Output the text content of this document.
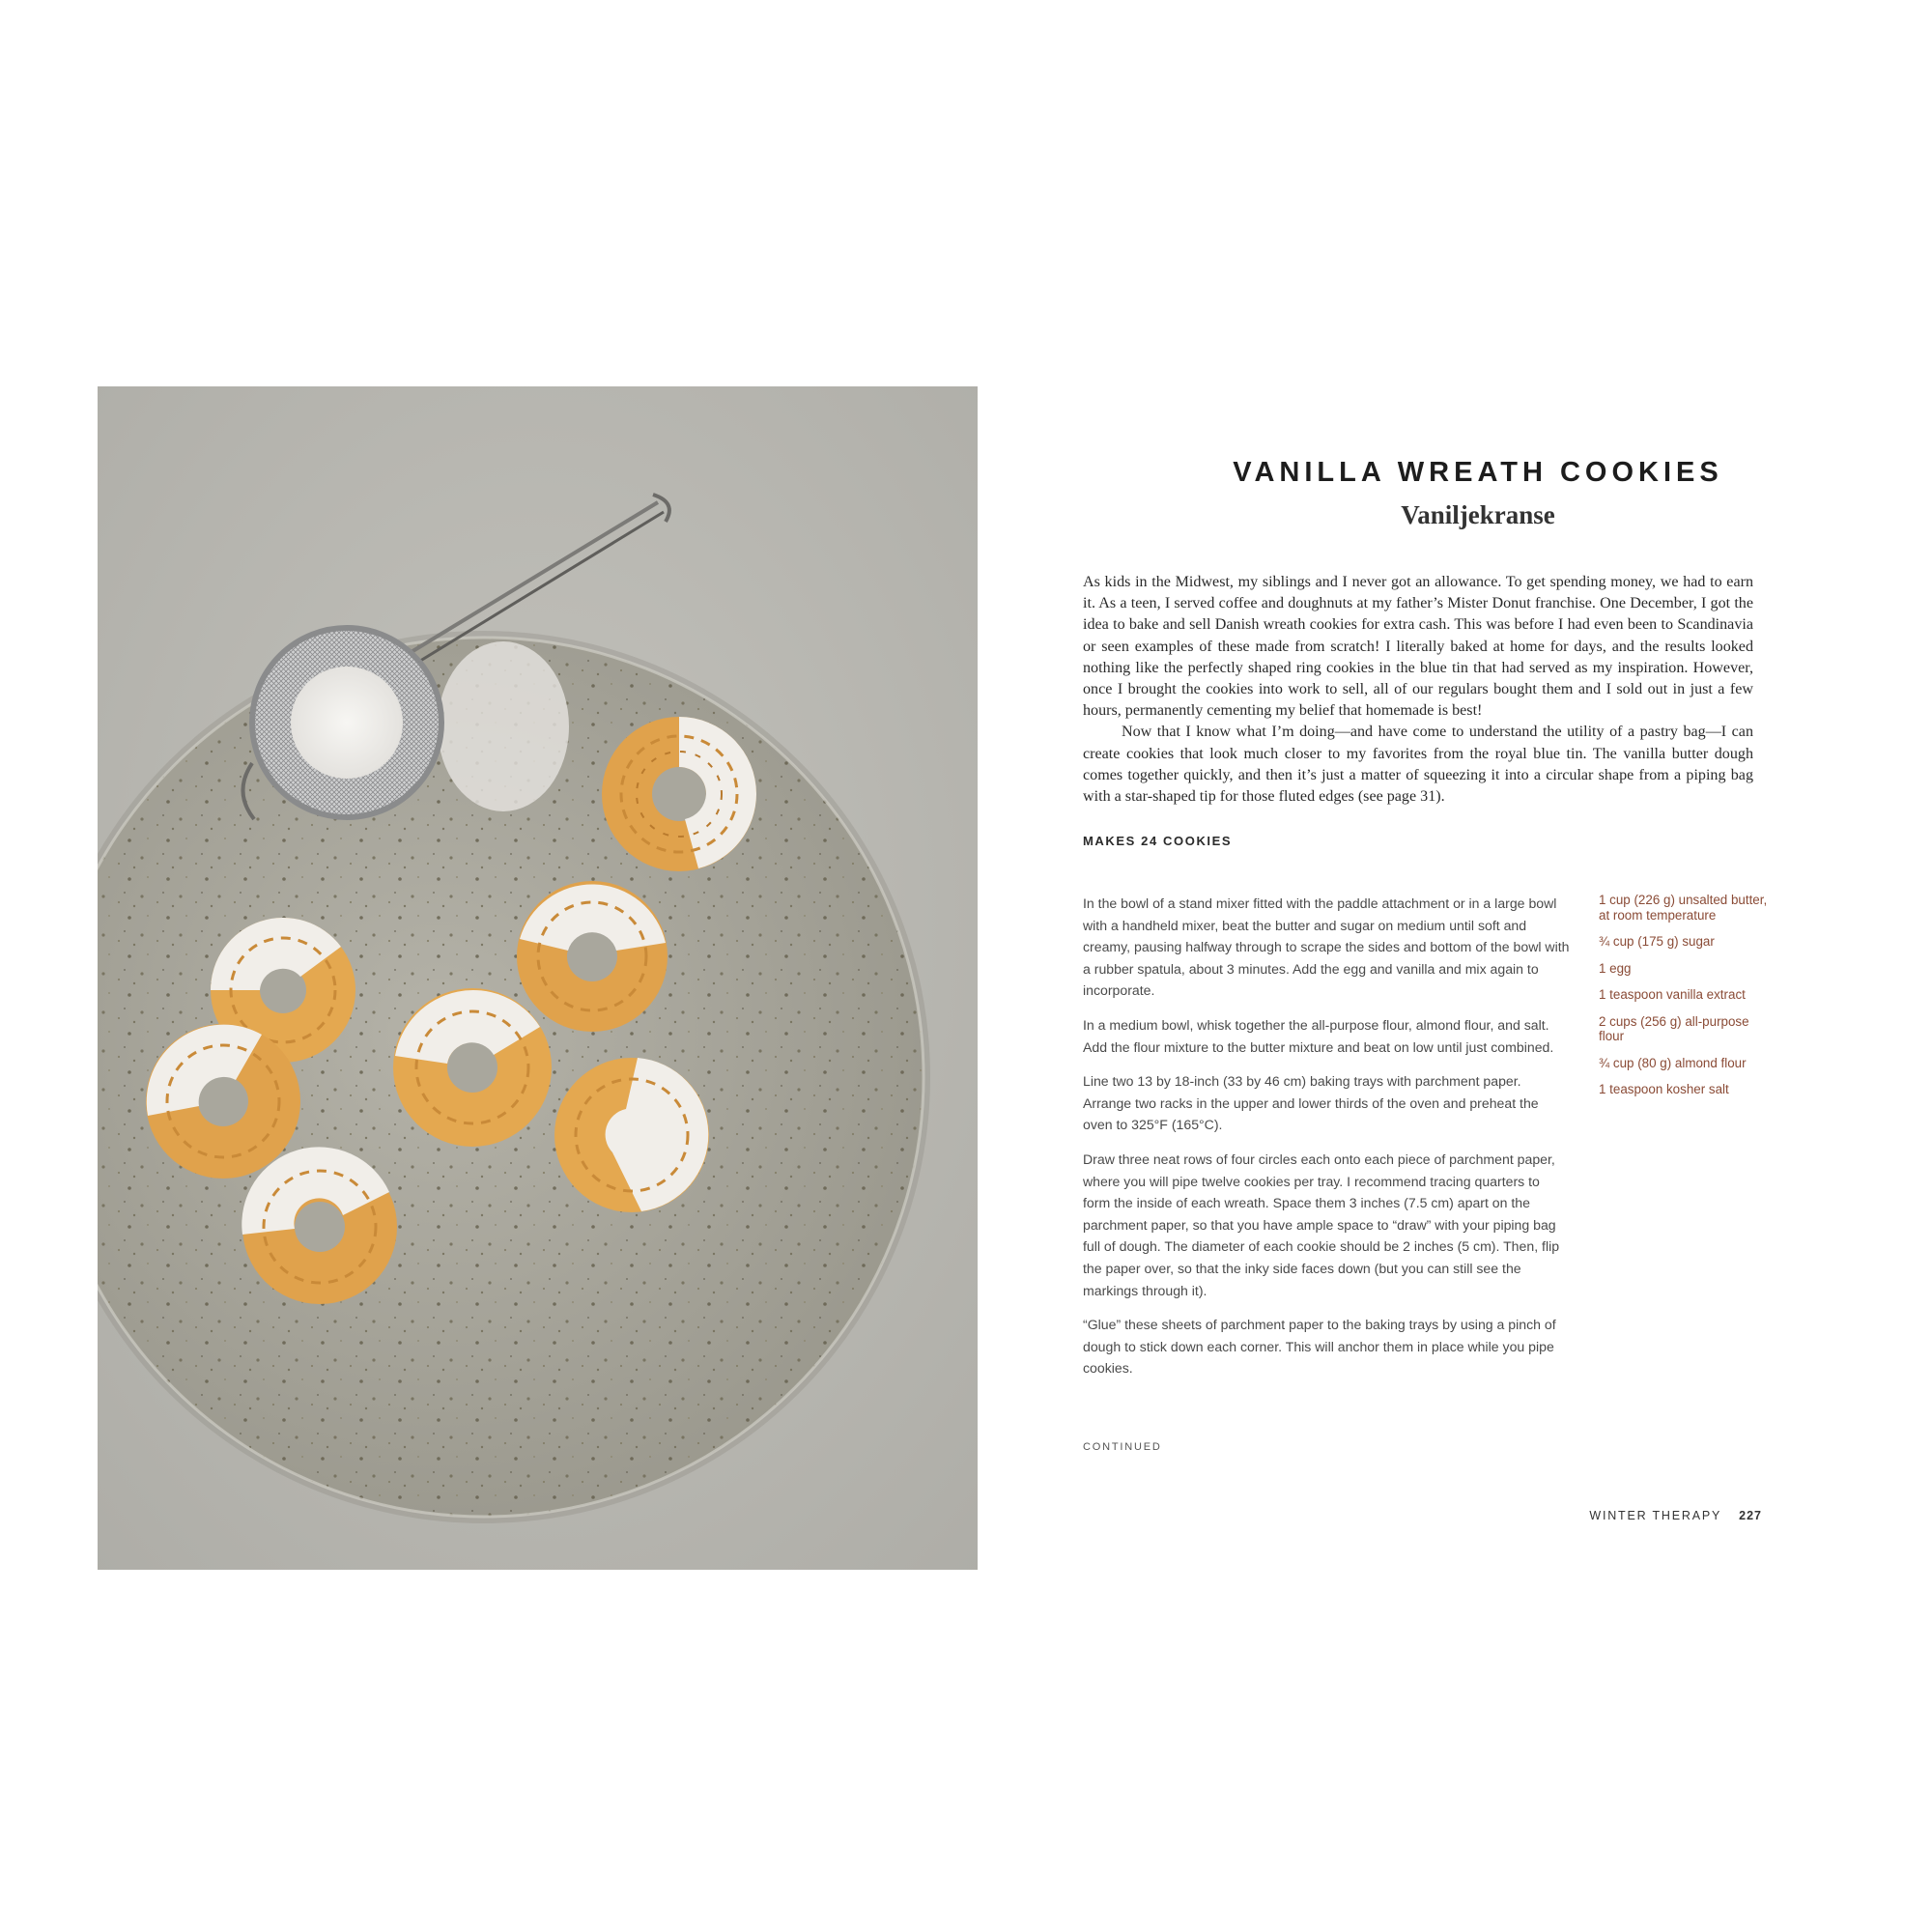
VANILLA WREATH COOKIES
Vaniljekranse

As kids in the Midwest, my siblings and I never got an allowance. To get spending money, we had to earn it. As a teen, I served coffee and doughnuts at my father’s Mister Donut franchise. One December, I got the idea to bake and sell Danish wreath cookies for extra cash. This was before I had even been to Scandinavia or seen examples of these made from scratch! I literally baked at home for days, and the results looked nothing like the perfectly shaped ring cookies in the blue tin that had served as my inspiration. However, once I brought the cookies into work to sell, all of our regulars bought them and I sold out in just a few hours, permanently cementing my belief that homemade is best!

Now that I know what I’m doing—and have come to understand the utility of a pastry bag—I can create cookies that look much closer to my favorites from the royal blue tin. The vanilla butter dough comes together quickly, and then it’s just a matter of squeezing it into a circular shape from a piping bag with a star-shaped tip for those fluted edges (see page 31).

MAKES 24 COOKIES

In the bowl of a stand mixer fitted with the paddle attachment or in a large bowl with a handheld mixer, beat the butter and sugar on medium until soft and creamy, pausing halfway through to scrape the sides and bottom of the bowl with a rubber spatula, about 3 minutes. Add the egg and vanilla and mix again to incorporate.

In a medium bowl, whisk together the all-purpose flour, almond flour, and salt. Add the flour mixture to the butter mixture and beat on low until just combined.

Line two 13 by 18-inch (33 by 46 cm) baking trays with parchment paper. Arrange two racks in the upper and lower thirds of the oven and preheat the oven to 325°F (165°C).

Draw three neat rows of four circles each onto each piece of parchment paper, where you will pipe twelve cookies per tray. I recommend tracing quarters to form the inside of each wreath. Space them 3 inches (7.5 cm) apart on the parchment paper, so that you have ample space to “draw” with your piping bag full of dough. The diameter of each cookie should be 2 inches (5 cm). Then, flip the paper over, so that the inky side faces down (but you can still see the markings through it).

“Glue” these sheets of parchment paper to the baking trays by using a pinch of dough to stick down each corner. This will anchor them in place while you pipe cookies.

1 cup (226 g) unsalted butter, at room temperature
¾ cup (175 g) sugar
1 egg
1 teaspoon vanilla extract
2 cups (256 g) all-purpose flour
¾ cup (80 g) almond flour
1 teaspoon kosher salt

CONTINUED

WINTER THERAPY 227
